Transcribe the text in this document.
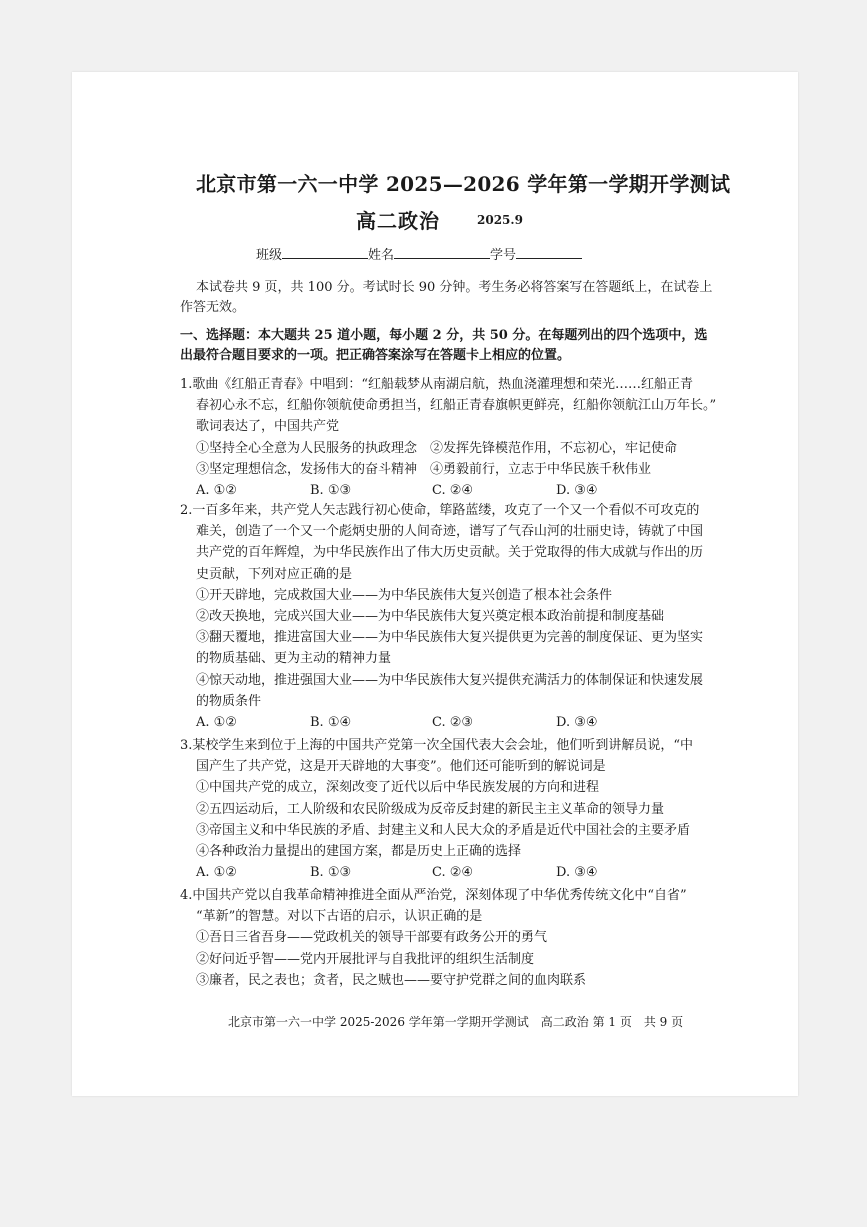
北京市第一六一中学 2025—2026 学年第一学期开学测试
高二政治	2025.9
班级	姓名	学号
本试卷共 9 页，共 100 分。考试时长 90 分钟。考生务必将答案写在答题纸上，在试卷上
作答无效。
一、选择题：本大题共 25 道小题，每小题 2 分，共 50 分。在每题列出的四个选项中，选
出最符合题目要求的一项。把正确答案涂写在答题卡上相应的位置。
1.歌曲《红船正青春》中唱到：“红船载梦从南湖启航，热血浇灌理想和荣光……红船正青
春初心永不忘，红船你领航使命勇担当，红船正青春旗帜更鲜亮，红船你领航江山万年长。”
歌词表达了，中国共产党
①坚持全心全意为人民服务的执政理念　②发挥先锋模范作用，不忘初心，牢记使命
③坚定理想信念，发扬伟大的奋斗精神　④勇毅前行，立志于中华民族千秋伟业
A. ①②	B. ①③	C. ②④	D. ③④
2.一百多年来，共产党人矢志践行初心使命，筚路蓝缕，攻克了一个又一个看似不可攻克的
难关，创造了一个又一个彪炳史册的人间奇迹，谱写了气吞山河的壮丽史诗，铸就了中国
共产党的百年辉煌，为中华民族作出了伟大历史贡献。关于党取得的伟大成就与作出的历
史贡献，下列对应正确的是
①开天辟地，完成救国大业——为中华民族伟大复兴创造了根本社会条件
②改天换地，完成兴国大业——为中华民族伟大复兴奠定根本政治前提和制度基础
③翻天覆地，推进富国大业——为中华民族伟大复兴提供更为完善的制度保证、更为坚实
的物质基础、更为主动的精神力量
④惊天动地，推进强国大业——为中华民族伟大复兴提供充满活力的体制保证和快速发展
的物质条件
A. ①②	B. ①④	C. ②③	D. ③④
3.某校学生来到位于上海的中国共产党第一次全国代表大会会址，他们听到讲解员说，“中
国产生了共产党，这是开天辟地的大事变”。他们还可能听到的解说词是
①中国共产党的成立，深刻改变了近代以后中华民族发展的方向和进程
②五四运动后，工人阶级和农民阶级成为反帝反封建的新民主主义革命的领导力量
③帝国主义和中华民族的矛盾、封建主义和人民大众的矛盾是近代中国社会的主要矛盾
④各种政治力量提出的建国方案，都是历史上正确的选择
A. ①②	B. ①③	C. ②④	D. ③④
4.中国共产党以自我革命精神推进全面从严治党，深刻体现了中华优秀传统文化中“自省”
“革新”的智慧。对以下古语的启示，认识正确的是
①吾日三省吾身——党政机关的领导干部要有政务公开的勇气
②好问近乎智——党内开展批评与自我批评的组织生活制度
③廉者，民之表也；贪者，民之贼也——要守护党群之间的血肉联系
北京市第一六一中学 2025-2026 学年第一学期开学测试　高二政治 第 1 页　共 9 页
